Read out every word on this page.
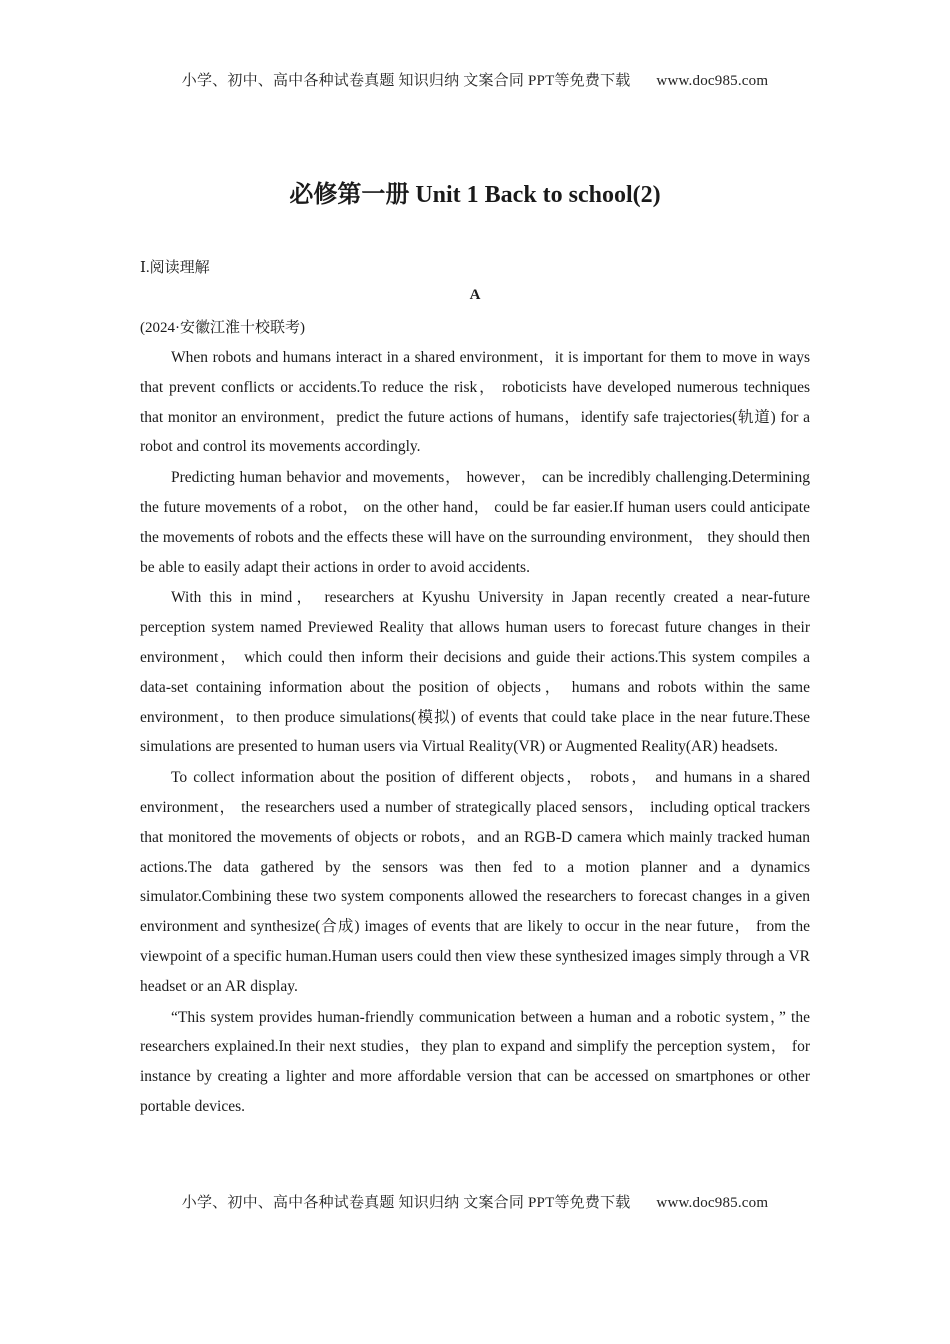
小学、初中、高中各种试卷真题 知识归纳 文案合同 PPT等免费下载 www.doc985.com
必修第一册 Unit 1 Back to school(2)

Ⅰ.阅读理解

A

(2024·安徽江淮十校联考)

When robots and humans interact in a shared environment，it is important for them to move in ways that prevent conflicts or accidents.To reduce the risk， roboticists have developed numerous techniques that monitor an environment，predict the future actions of humans，identify safe trajectories(轨道) for a robot and control its movements accordingly.

Predicting human behavior and movements， however， can be incredibly challenging.Determining the future movements of a robot， on the other hand， could be far easier.If human users could anticipate the movements of robots and the effects these will have on the surrounding environment， they should then be able to easily adapt their actions in order to avoid accidents.

With this in mind， researchers at Kyushu University in Japan recently created a near-future perception system named Previewed Reality that allows human users to forecast future changes in their environment， which could then inform their decisions and guide their actions.This system compiles a data-set containing information about the position of objects， humans and robots within the same environment，to then produce simulations(模拟) of events that could take place in the near future.These simulations are presented to human users via Virtual Reality(VR) or Augmented Reality(AR) headsets.

To collect information about the position of different objects， robots， and humans in a shared environment， the researchers used a number of strategically placed sensors， including optical trackers that monitored the movements of objects or robots，and an RGB-D camera which mainly tracked human actions.The data gathered by the sensors was then fed to a motion planner and a dynamics simulator.Combining these two system components allowed the researchers to forecast changes in a given environment and synthesize(合成) images of events that are likely to occur in the near future， from the viewpoint of a specific human.Human users could then view these synthesized images simply through a VR headset or an AR display.

“This system provides human-friendly communication between a human and a robotic system，” the researchers explained.In their next studies，they plan to expand and simplify the perception system， for instance by creating a lighter and more affordable version that can be accessed on smartphones or other portable devices.

小学、初中、高中各种试卷真题 知识归纳 文案合同 PPT等免费下载 www.doc985.com
